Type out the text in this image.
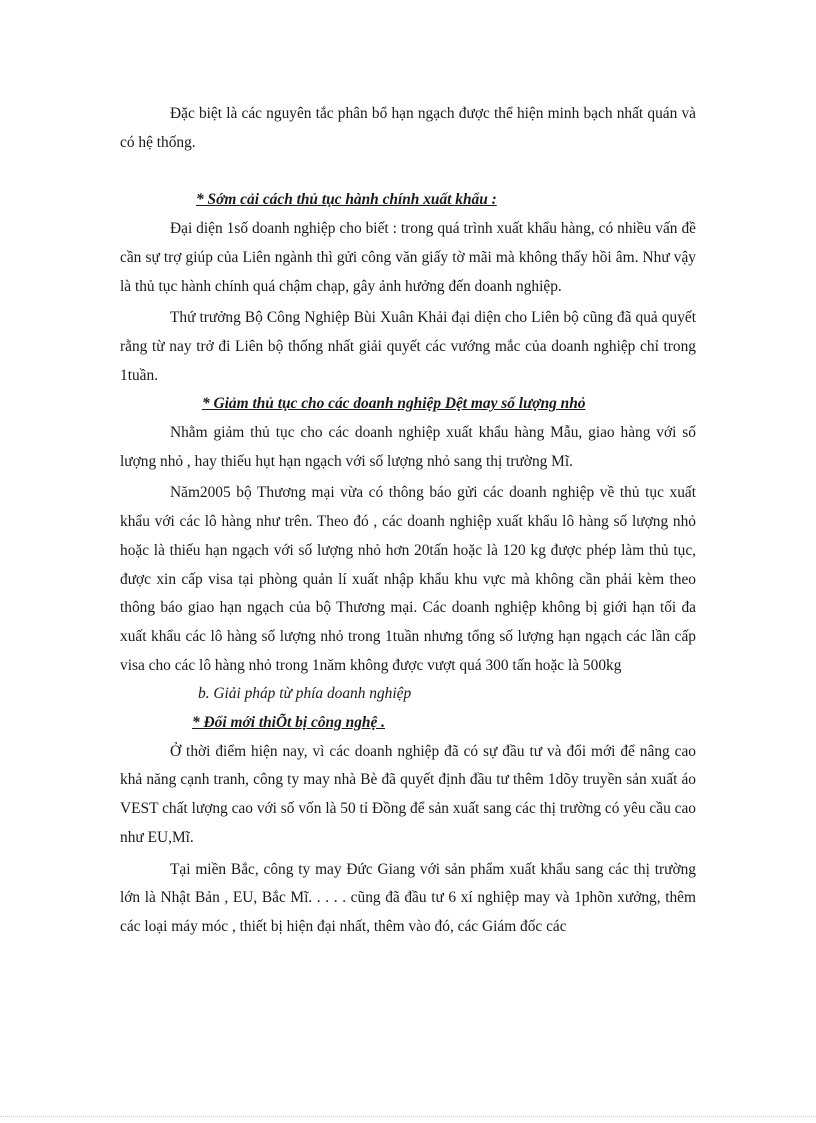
Đặc biệt là các nguyên tắc phân bổ hạn ngạch được thể hiện minh bạch nhất quán và có hệ thống.

* Sớm cải cách thủ tục hành chính xuất khẩu :

Đại diện 1số doanh nghiệp cho biết : trong quá trình xuất khẩu hàng, có nhiều vấn đề cần sự trợ giúp của Liên ngành thì gửi công văn giấy tờ mãi mà không thấy hồi âm. Như vậy là thủ tục hành chính quá chậm chạp, gây ảnh hưởng đến doanh nghiệp.

Thứ trưởng Bộ Công Nghiệp Bùi Xuân Khải đại diện cho Liên bộ cũng đã quả quyết rằng từ nay trở đi Liên bộ thống nhất giải quyết các vướng mắc của doanh nghiệp chỉ trong 1tuần.

* Giảm thủ tục cho các doanh nghiệp Dệt may số lượng nhỏ

Nhằm giảm thủ tục cho các doanh nghiệp xuất khẩu hàng Mẫu, giao hàng với số lượng nhỏ , hay thiếu hụt hạn ngạch với số lượng nhỏ sang thị trường Mĩ.

Năm2005 bộ Thương mại vừa có thông báo gửi các doanh nghiệp về thủ tục xuất khẩu với các lô hàng như trên. Theo đó , các doanh nghiệp xuất khẩu lô hàng số lượng nhỏ hoặc là thiếu hạn ngạch với số lượng nhỏ hơn 20tấn hoặc là 120 kg được phép làm thủ tục, được xin cấp visa tại phòng quản lí xuất nhập khẩu khu vực mà không cần phải kèm theo thông báo giao hạn ngạch của bộ Thương mại. Các doanh nghiệp không bị giới hạn tối đa xuất khẩu các lô hàng số lượng nhỏ trong 1tuần nhưng tổng số lượng hạn ngạch các lần cấp visa cho các lô hàng nhỏ trong 1năm không được vượt quá 300 tấn hoặc là 500kg

b. Giải pháp từ phía doanh nghiệp

* Đổi mới thiÕt bị công nghệ .

Ở thời điểm hiện nay, vì các doanh nghiệp đã có sự đầu tư và đổi mới để nâng cao khả năng cạnh tranh, công ty may nhà Bè đã quyết định đầu tư thêm 1dõy truyền sản xuất áo VEST chất lượng cao với số vốn là 50 tỉ Đồng để sản xuất sang các thị trường có yêu cầu cao như EU,Mĩ.

Tại miền Bắc, công ty may Đức Giang với sản phẩm xuất khẩu sang các thị trường lớn là Nhật Bản , EU, Bắc Mĩ. . . . . cũng đã đầu tư 6 xí nghiệp may và 1phõn xưởng, thêm các loại máy móc , thiết bị hiện đại nhất, thêm vào đó, các Giám đốc các
